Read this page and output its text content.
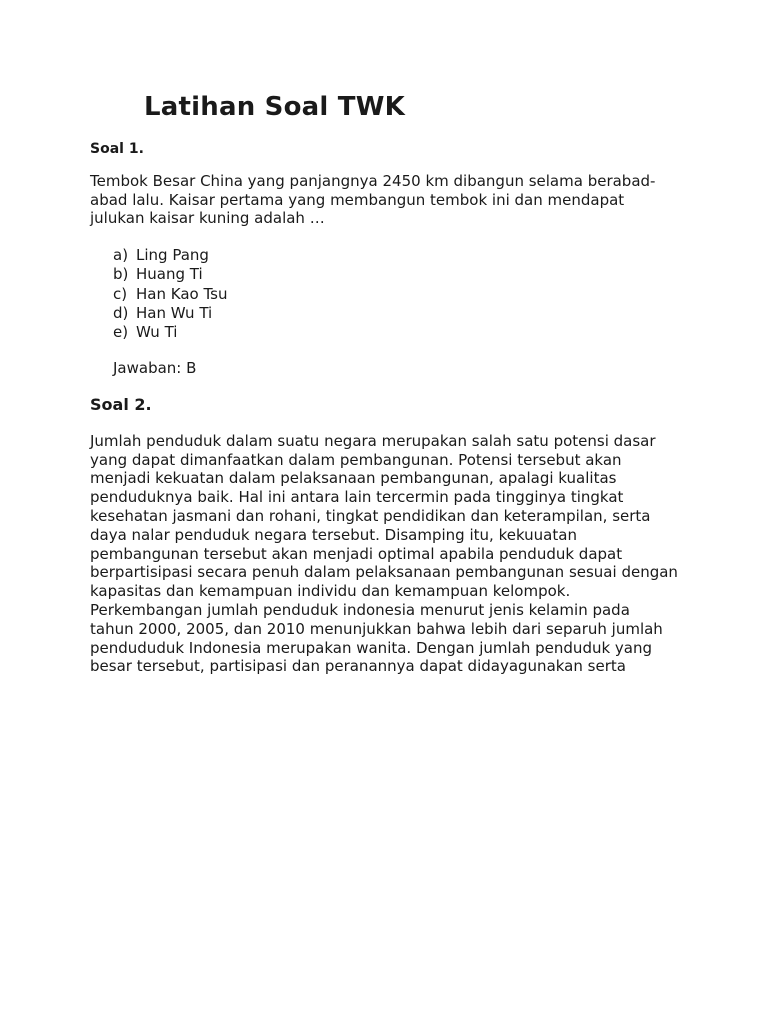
Latihan Soal TWK
Soal 1.
Tembok Besar China yang panjangnya 2450 km dibangun selama berabad-
abad lalu. Kaisar pertama yang membangun tembok ini dan mendapat
julukan kaisar kuning adalah …
a) Ling Pang
b) Huang Ti
c) Han Kao Tsu
d) Han Wu Ti
e) Wu Ti
Jawaban: B
Soal 2.
Jumlah penduduk dalam suatu negara merupakan salah satu potensi dasar
yang dapat dimanfaatkan dalam pembangunan. Potensi tersebut akan
menjadi kekuatan dalam pelaksanaan pembangunan, apalagi kualitas
penduduknya baik. Hal ini antara lain tercermin pada tingginya tingkat
kesehatan jasmani dan rohani, tingkat pendidikan dan keterampilan, serta
daya nalar penduduk negara tersebut. Disamping itu, kekuuatan
pembangunan tersebut akan menjadi optimal apabila penduduk dapat
berpartisipasi secara penuh dalam pelaksanaan pembangunan sesuai dengan
kapasitas dan kemampuan individu dan kemampuan kelompok.
Perkembangan jumlah penduduk indonesia menurut jenis kelamin pada
tahun 2000, 2005, dan 2010 menunjukkan bahwa lebih dari separuh jumlah
pendududuk Indonesia merupakan wanita. Dengan jumlah penduduk yang
besar tersebut, partisipasi dan peranannya dapat didayagunakan serta
